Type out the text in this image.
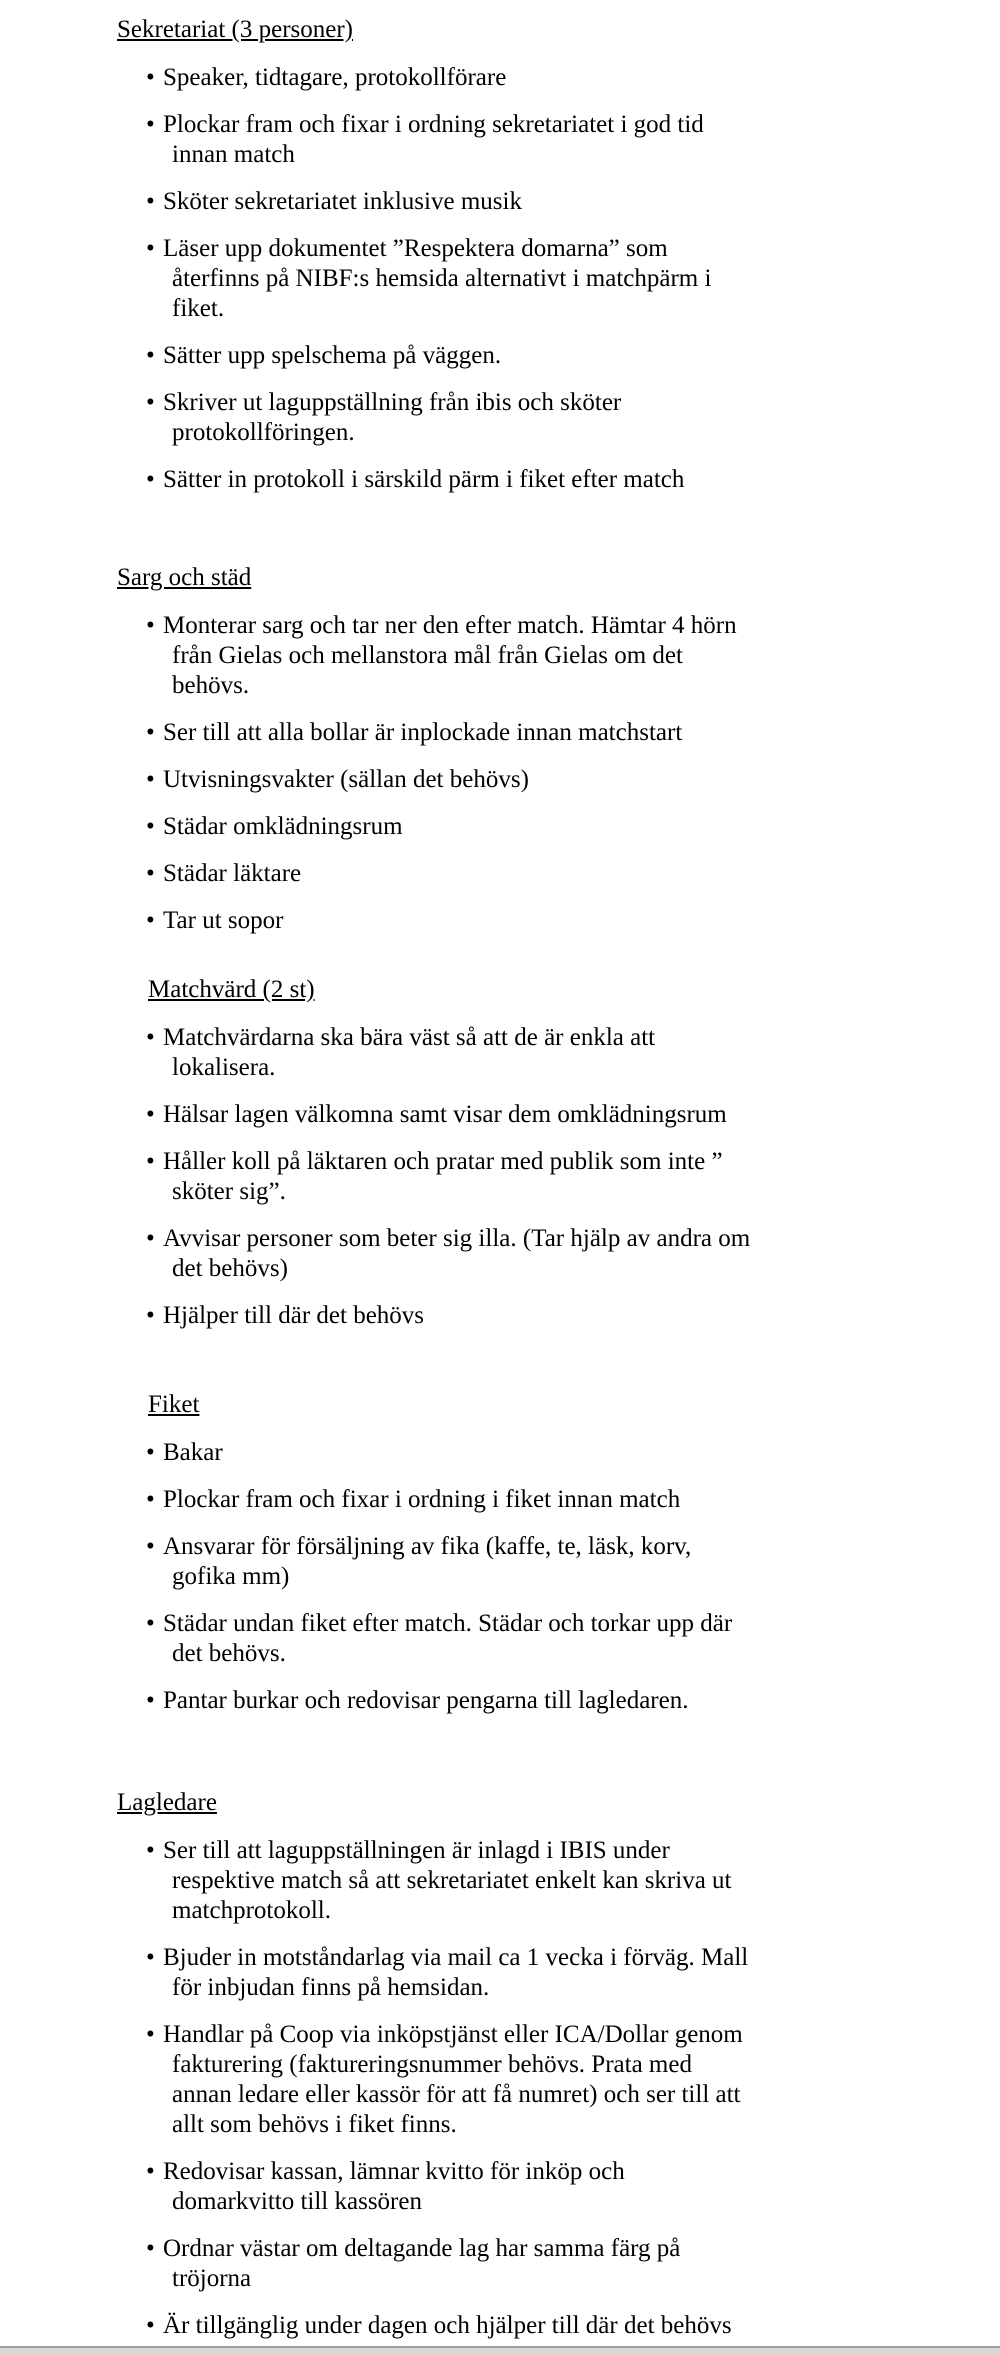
Sekretariat (3 personer)
• Speaker, tidtagare, protokollförare
• Plockar fram och fixar i ordning sekretariatet i god tid
innan match
• Sköter sekretariatet inklusive musik
• Läser upp dokumentet ”Respektera domarna” som
återfinns på NIBF:s hemsida alternativt i matchpärm i
fiket.
• Sätter upp spelschema på väggen.
• Skriver ut laguppställning från ibis och sköter
protokollföringen.
• Sätter in protokoll i särskild pärm i fiket efter match
Sarg och städ
• Monterar sarg och tar ner den efter match. Hämtar 4 hörn
från Gielas och mellanstora mål från Gielas om det
behövs.
• Ser till att alla bollar är inplockade innan matchstart
• Utvisningsvakter (sällan det behövs)
• Städar omklädningsrum
• Städar läktare
• Tar ut sopor
Matchvärd (2 st)
• Matchvärdarna ska bära väst så att de är enkla att
lokalisera.
• Hälsar lagen välkomna samt visar dem omklädningsrum
• Håller koll på läktaren och pratar med publik som inte ”
sköter sig”.
• Avvisar personer som beter sig illa. (Tar hjälp av andra om
det behövs)
• Hjälper till där det behövs
Fiket
• Bakar
• Plockar fram och fixar i ordning i fiket innan match
• Ansvarar för försäljning av fika (kaffe, te, läsk, korv,
gofika mm)
• Städar undan fiket efter match. Städar och torkar upp där
det behövs.
• Pantar burkar och redovisar pengarna till lagledaren.
Lagledare
• Ser till att laguppställningen är inlagd i IBIS under
respektive match så att sekretariatet enkelt kan skriva ut
matchprotokoll.
• Bjuder in motståndarlag via mail ca 1 vecka i förväg. Mall
för inbjudan finns på hemsidan.
• Handlar på Coop via inköpstjänst eller ICA/Dollar genom
fakturering (faktureringsnummer behövs. Prata med
annan ledare eller kassör för att få numret) och ser till att
allt som behövs i fiket finns.
• Redovisar kassan, lämnar kvitto för inköp och
domarkvitto till kassören
• Ordnar västar om deltagande lag har samma färg på
tröjorna
• Är tillgänglig under dagen och hjälper till där det behövs
